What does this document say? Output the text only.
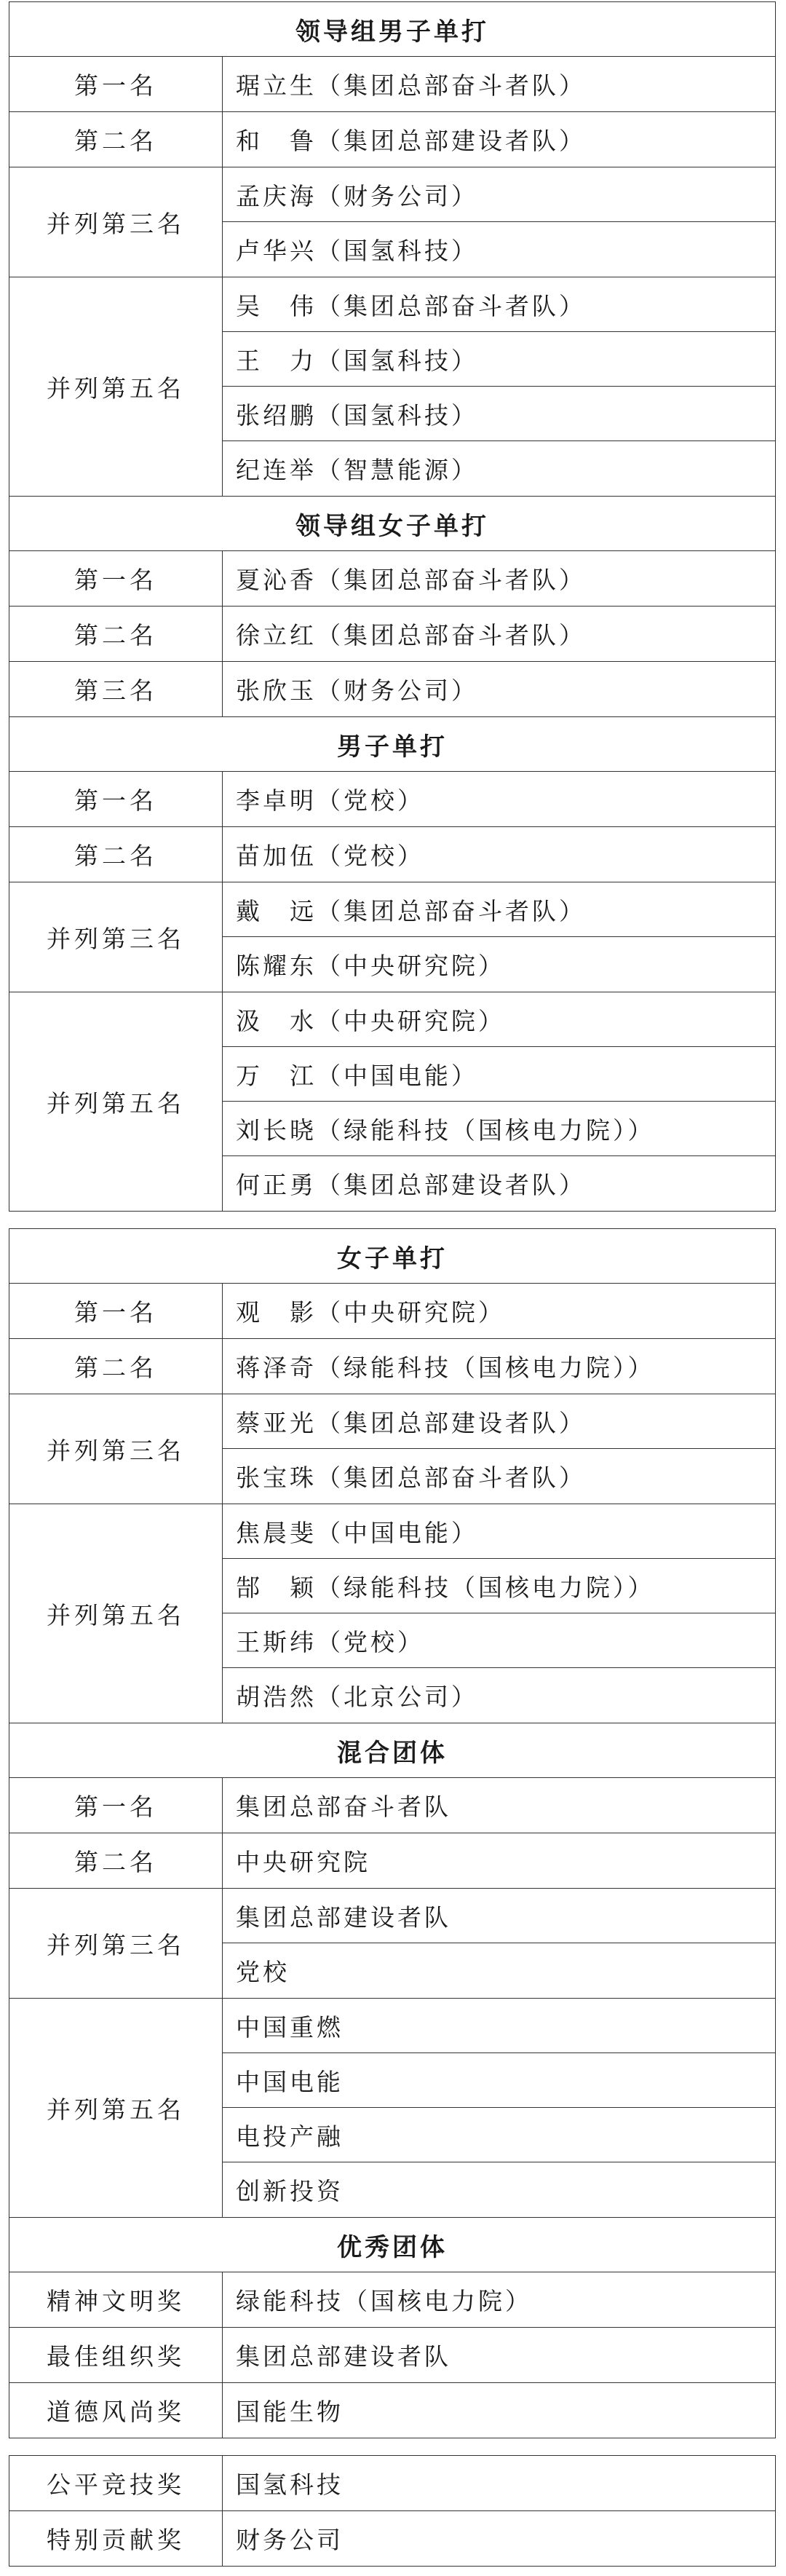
领导组男子单打
第一名	琚立生（集团总部奋斗者队）
第二名	和　鲁（集团总部建设者队）
并列第三名
孟庆海（财务公司）
卢华兴（国氢科技）
并列第五名
吴　伟（集团总部奋斗者队）
王　力（国氢科技）
张绍鹏（国氢科技）
纪连举（智慧能源）
领导组女子单打
第一名	夏沁香（集团总部奋斗者队）
第二名	徐立红（集团总部奋斗者队）
第三名	张欣玉（财务公司）
男子单打
第一名	李卓明（党校）
第二名	苗加伍（党校）
并列第三名
戴　远（集团总部奋斗者队）
陈耀东（中央研究院）
并列第五名
汲　水（中央研究院）
万　江（中国电能）
刘长晓（绿能科技（国核电力院））
何正勇（集团总部建设者队）
女子单打
第一名	观　影（中央研究院）
第二名	蒋泽奇（绿能科技（国核电力院））
并列第三名
蔡亚光（集团总部建设者队）
张宝珠（集团总部奋斗者队）
并列第五名
焦晨斐（中国电能）
郜　颖（绿能科技（国核电力院））
王斯纬（党校）
胡浩然（北京公司）
混合团体
第一名	集团总部奋斗者队
第二名	中央研究院
并列第三名
集团总部建设者队
党校
并列第五名
中国重燃
中国电能
电投产融
创新投资
优秀团体
精神文明奖	绿能科技（国核电力院）
最佳组织奖	集团总部建设者队
道德风尚奖	国能生物
公平竞技奖	国氢科技
特别贡献奖	财务公司
